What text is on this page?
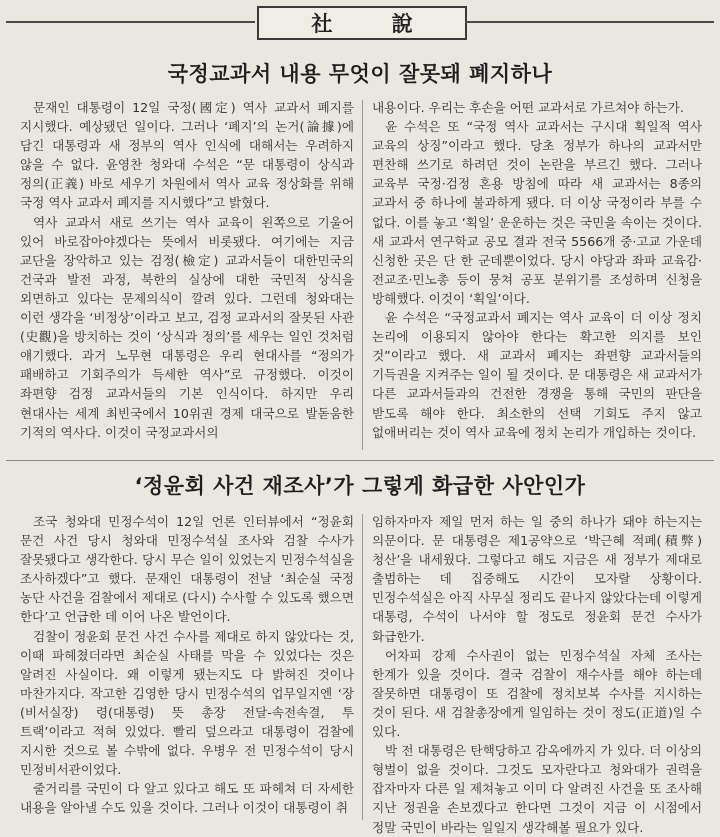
社 說
국정교과서 내용 무엇이 잘못돼 폐지하나

문재인 대통령이 12일 국정(國定) 역사 교과서 폐지를 지시했다. 예상됐던 일이다. 그러나 ‘폐지’의 논거(論據)에 담긴 대통령과 새 정부의 역사 인식에 대해서는 우려하지 않을 수 없다. 윤영찬 청와대 수석은 “문 대통령이 상식과 정의(正義) 바로 세우기 차원에서 역사 교육 정상화를 위해 국정 역사 교과서 폐지를 지시했다”고 밝혔다.

역사 교과서 새로 쓰기는 역사 교육이 왼쪽으로 기울어 있어 바로잡아야겠다는 뜻에서 비롯됐다. 여기에는 지금 교단을 장악하고 있는 검정(檢定) 교과서들이 대한민국의 건국과 발전 과정, 북한의 실상에 대한 국민적 상식을 외면하고 있다는 문제의식이 깔려 있다. 그런데 청와대는 이런 생각을 ‘비정상’이라고 보고, 검정 교과서의 잘못된 사관(史觀)을 방치하는 것이 ‘상식과 정의’를 세우는 일인 것처럼 얘기했다. 과거 노무현 대통령은 우리 현대사를 “정의가 패배하고 기회주의가 득세한 역사”로 규정했다. 이것이 좌편향 검정 교과서들의 기본 인식이다. 하지만 우리 현대사는 세계 최빈국에서 10위권 경제 대국으로 발돋움한 기적의 역사다. 이것이 국정교과서의

내용이다. 우리는 후손을 어떤 교과서로 가르쳐야 하는가.

윤 수석은 또 “국정 역사 교과서는 구시대 획일적 역사 교육의 상징”이라고 했다. 당초 정부가 하나의 교과서만 편찬해 쓰기로 하려던 것이 논란을 부르긴 했다. 그러나 교육부 국정·검정 혼용 방침에 따라 새 교과서는 8종의 교과서 중 하나에 불과하게 됐다. 더 이상 국정이라 부를 수 없다. 이를 놓고 ‘획일’ 운운하는 것은 국민을 속이는 것이다. 새 교과서 연구학교 공모 결과 전국 5566개 중·고교 가운데 신청한 곳은 단 한 군데뿐이었다. 당시 야당과 좌파 교육감·전교조·민노총 등이 뭉쳐 공포 분위기를 조성하며 신청을 방해했다. 이것이 ‘획일’이다.

윤 수석은 “국정교과서 폐지는 역사 교육이 더 이상 정치 논리에 이용되지 않아야 한다는 확고한 의지를 보인 것”이라고 했다. 새 교과서 폐지는 좌편향 교과서들의 기득권을 지켜주는 일이 될 것이다. 문 대통령은 새 교과서가 다른 교과서들과의 건전한 경쟁을 통해 국민의 판단을 받도록 해야 한다. 최소한의 선택 기회도 주지 않고 없애버리는 것이 역사 교육에 정치 논리가 개입하는 것이다.

‘정윤회 사건 재조사’가 그렇게 화급한 사안인가

조국 청와대 민정수석이 12일 언론 인터뷰에서 “정윤회 문건 사건 당시 청와대 민정수석실 조사와 검찰 수사가 잘못됐다고 생각한다. 당시 무슨 일이 있었는지 민정수석실을 조사하겠다”고 했다. 문재인 대통령이 전날 ‘최순실 국정 농단 사건을 검찰에서 제대로 (다시) 수사할 수 있도록 했으면 한다’고 언급한 데 이어 나온 발언이다.

검찰이 정윤회 문건 사건 수사를 제대로 하지 않았다는 것, 이때 파헤쳤더라면 최순실 사태를 막을 수 있었다는 것은 알려진 사실이다. 왜 이렇게 됐는지도 다 밝혀진 것이나 마찬가지다. 작고한 김영한 당시 민정수석의 업무일지엔 ‘장(비서실장) 령(대통령) 뜻 총장 전달-속전속결, 투 트랙’이라고 적혀 있었다. 빨리 덮으라고 대통령이 검찰에 지시한 것으로 볼 수밖에 없다. 우병우 전 민정수석이 당시 민정비서관이었다.

줄거리를 국민이 다 알고 있다고 해도 또 파헤쳐 더 자세한 내용을 알아낼 수도 있을 것이다. 그러나 이것이 대통령이 취

임하자마자 제일 먼저 하는 일 중의 하나가 돼야 하는지는 의문이다. 문 대통령은 제1공약으로 ‘박근혜 적폐(積弊) 청산’을 내세웠다. 그렇다고 해도 지금은 새 정부가 제대로 출범하는 데 집중해도 시간이 모자랄 상황이다. 민정수석실은 아직 사무실 정리도 끝나지 않았다는데 이렇게 대통령, 수석이 나서야 할 정도로 정윤회 문건 수사가 화급한가.

어차피 강제 수사권이 없는 민정수석실 자체 조사는 한계가 있을 것이다. 결국 검찰이 재수사를 해야 하는데 잘못하면 대통령이 또 검찰에 정치보복 수사를 지시하는 것이 된다. 새 검찰총장에게 일임하는 것이 정도(正道)일 수 있다.

박 전 대통령은 탄핵당하고 감옥에까지 가 있다. 더 이상의 형벌이 없을 것이다. 그것도 모자란다고 청와대가 권력을 잡자마자 다른 일 제쳐놓고 이미 다 알려진 사건을 또 조사해 지난 정권을 손보겠다고 한다면 그것이 지금 이 시점에서 정말 국민이 바라는 일일지 생각해볼 필요가 있다.
